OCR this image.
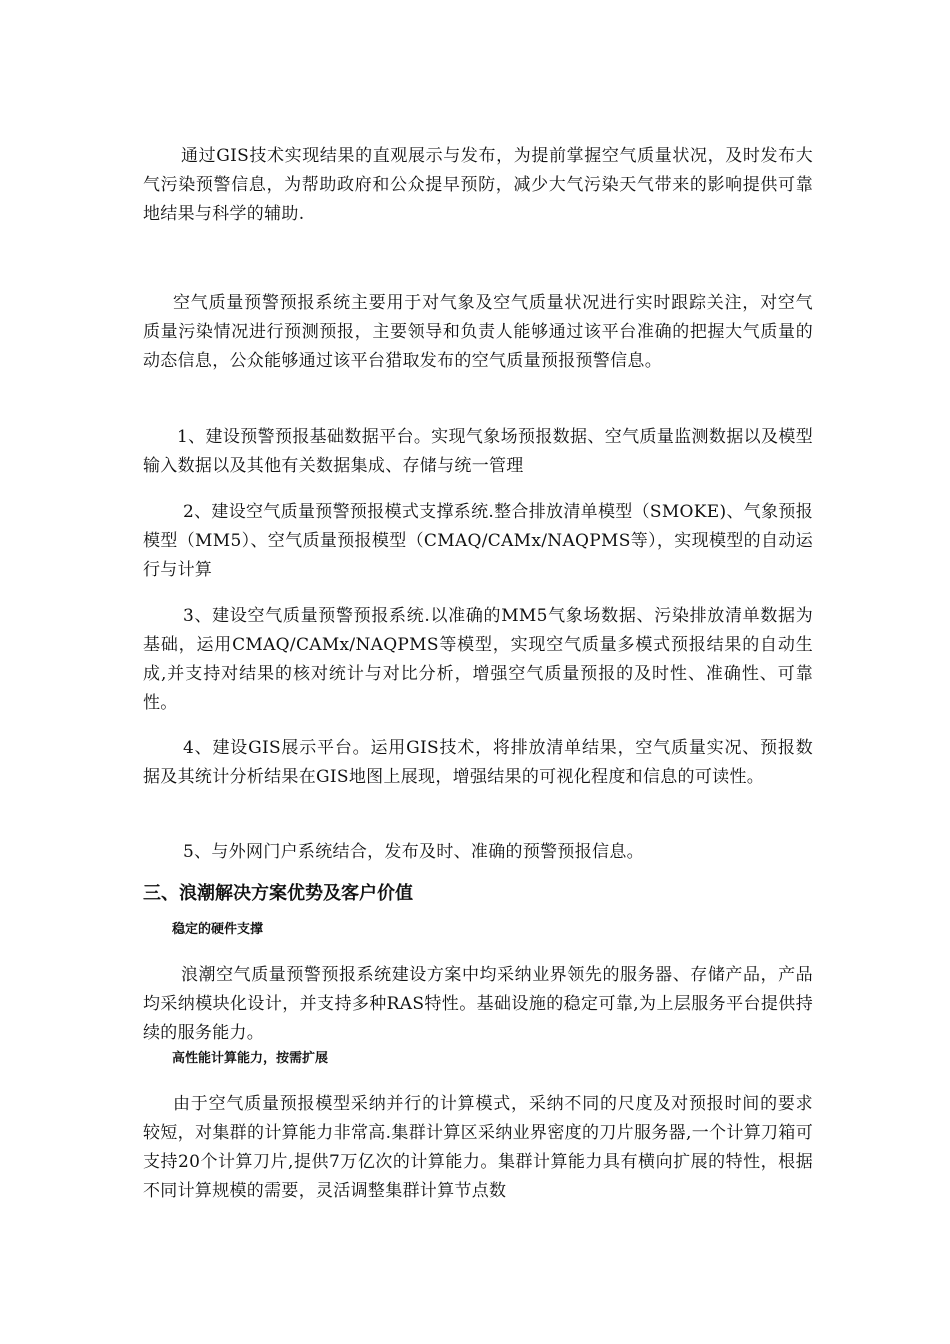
通过GIS技术实现结果的直观展示与发布，为提前掌握空气质量状况，及时发布大气污染预警信息，为帮助政府和公众提早预防，减少大气污染天气带来的影响提供可靠地结果与科学的辅助.

空气质量预警预报系统主要用于对气象及空气质量状况进行实时跟踪关注，对空气质量污染情况进行预测预报，主要领导和负责人能够通过该平台准确的把握大气质量的动态信息，公众能够通过该平台猎取发布的空气质量预报预警信息。

1、建设预警预报基础数据平台。实现气象场预报数据、空气质量监测数据以及模型输入数据以及其他有关数据集成、存储与统一管理

2、建设空气质量预警预报模式支撑系统.整合排放清单模型（SMOKE)、气象预报模型（MM5）、空气质量预报模型（CMAQ/CAMx/NAQPMS等），实现模型的自动运行与计算

3、建设空气质量预警预报系统.以准确的MM5气象场数据、污染排放清单数据为基础，运用CMAQ/CAMx/NAQPMS等模型，实现空气质量多模式预报结果的自动生成,并支持对结果的核对统计与对比分析，增强空气质量预报的及时性、准确性、可靠性。

4、建设GIS展示平台。运用GIS技术，将排放清单结果，空气质量实况、预报数据及其统计分析结果在GIS地图上展现，增强结果的可视化程度和信息的可读性。

5、与外网门户系统结合，发布及时、准确的预警预报信息。

三、浪潮解决方案优势及客户价值
稳定的硬件支撑

浪潮空气质量预警预报系统建设方案中均采纳业界领先的服务器、存储产品，产品均采纳模块化设计，并支持多种RAS特性。基础设施的稳定可靠,为上层服务平台提供持续的服务能力。

高性能计算能力，按需扩展

由于空气质量预报模型采纳并行的计算模式，采纳不同的尺度及对预报时间的要求较短，对集群的计算能力非常高.集群计算区采纳业界密度的刀片服务器,一个计算刀箱可支持20个计算刀片,提供7万亿次的计算能力。集群计算能力具有横向扩展的特性，根据不同计算规模的需要，灵活调整集群计算节点数
